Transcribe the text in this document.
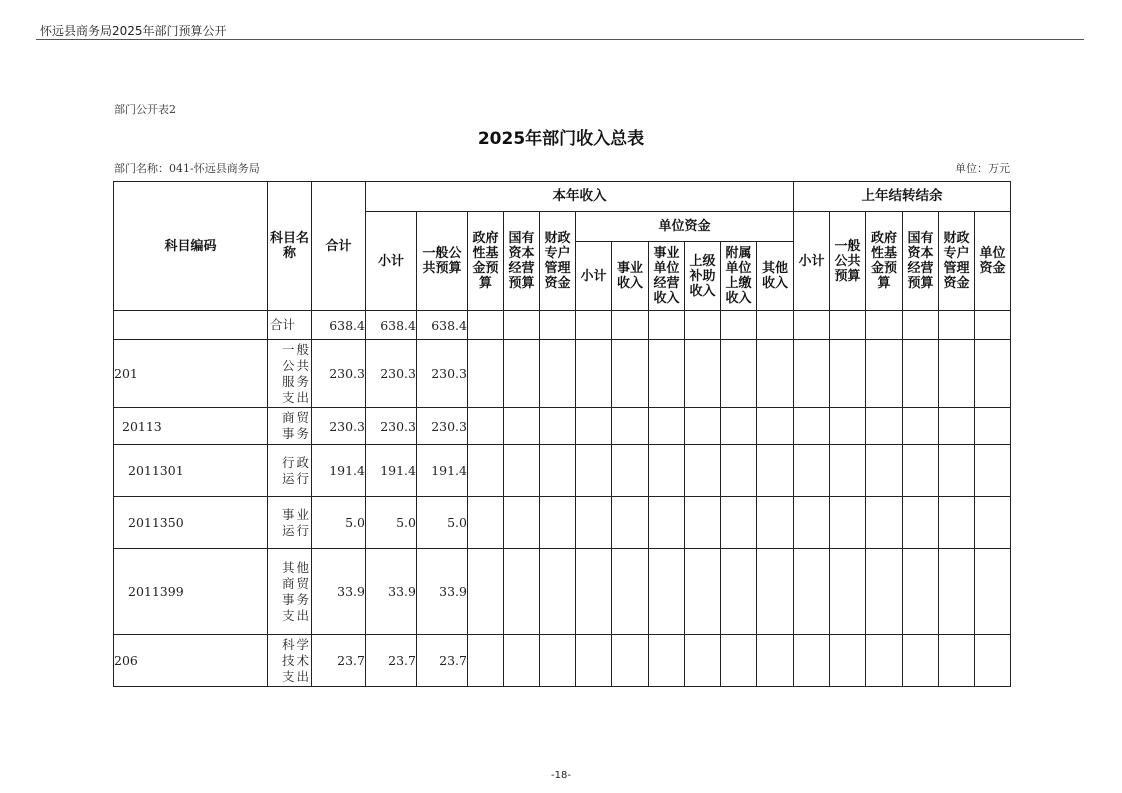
怀远县商务局2025年部门预算公开
部门公开表2
2025年部门收入总表
部门名称：041-怀远县商务局	单位：万元
科目编码	科目名称	合计	本年收入											上年结转结余					
			小计	一般公共预算	政府性基金预算	国有资本经营预算	财政专户管理资金	单位资金						小计	一般公共预算	政府性基金预算	国有资本经营预算	财政专户管理资金	单位资金
								小计	事业收入	事业单位经营收入	上级补助收入	附属单位上缴收入	其他收入						
	合计	638.4	638.4	638.4															
201	一般公共服务支出	230.3	230.3	230.3															
20113	商贸事务	230.3	230.3	230.3															
2011301	行政运行	191.4	191.4	191.4															
2011350	事业运行	5.0	5.0	5.0															
2011399	其他商贸事务支出	33.9	33.9	33.9															
206	科学技术支出	23.7	23.7	23.7															
-18-
